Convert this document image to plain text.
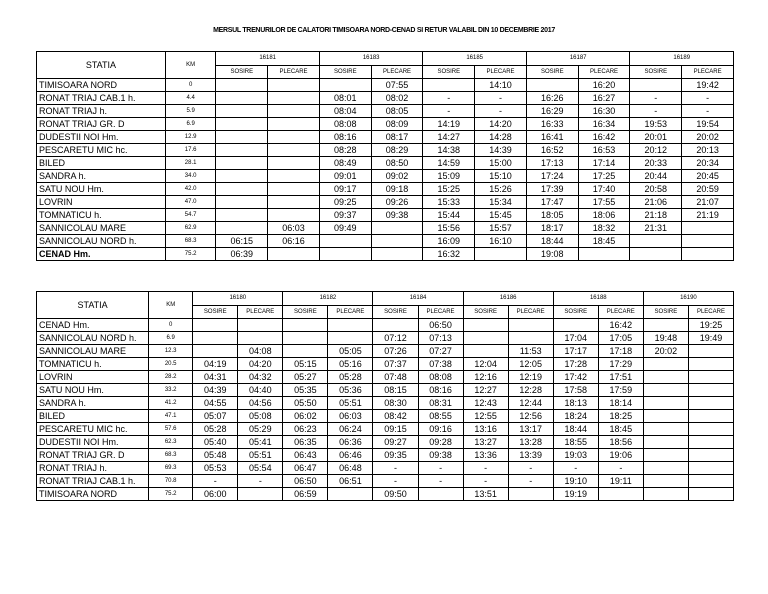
MERSUL TRENURILOR DE CALATORI TIMISOARA NORD-CENAD SI RETUR VALABIL DIN 10 DECEMBRIE 2017
STATIA	KM	16181		16183		16185		16187		16189	
		SOSIRE	PLECARE	SOSIRE	PLECARE	SOSIRE	PLECARE	SOSIRE	PLECARE	SOSIRE	PLECARE
TIMISOARA NORD	0				07:55		14:10		16:20		19:42
RONAT TRIAJ CAB.1 h.	4.4			08:01	08:02	-	-	16:26	16:27	-	-
RONAT TRIAJ h.	5.9			08:04	08:05	-	-	16:29	16:30	-	-
RONAT TRIAJ GR. D	6.9			08:08	08:09	14:19	14:20	16:33	16:34	19:53	19:54
DUDESTII NOI Hm.	12.9			08:16	08:17	14:27	14:28	16:41	16:42	20:01	20:02
PESCARETU MIC hc.	17.6			08:28	08:29	14:38	14:39	16:52	16:53	20:12	20:13
BILED	28.1			08:49	08:50	14:59	15:00	17:13	17:14	20:33	20:34
SANDRA h.	34.0			09:01	09:02	15:09	15:10	17:24	17:25	20:44	20:45
SATU NOU Hm.	42.0			09:17	09:18	15:25	15:26	17:39	17:40	20:58	20:59
LOVRIN	47.0			09:25	09:26	15:33	15:34	17:47	17:55	21:06	21:07
TOMNATICU h.	54.7			09:37	09:38	15:44	15:45	18:05	18:06	21:18	21:19
SANNICOLAU MARE	62.9		06:03	09:49		15:56	15:57	18:17	18:32	21:31	
SANNICOLAU NORD h.	68.3	06:15	06:16			16:09	16:10	18:44	18:45		
CENAD Hm.	75.2	06:39				16:32		19:08			
STATIA	KM	16180		16182		16184		16186		16188		16190	
		SOSIRE	PLECARE	SOSIRE	PLECARE	SOSIRE	PLECARE	SOSIRE	PLECARE	SOSIRE	PLECARE	SOSIRE	PLECARE
CENAD Hm.	0						06:50				16:42		19:25
SANNICOLAU NORD h.	6.9					07:12	07:13			17:04	17:05	19:48	19:49
SANNICOLAU MARE	12.3		04:08		05:05	07:26	07:27		11:53	17:17	17:18	20:02	
TOMNATICU h.	20.5	04:19	04:20	05:15	05:16	07:37	07:38	12:04	12:05	17:28	17:29		
LOVRIN	28.2	04:31	04:32	05:27	05:28	07:48	08:08	12:16	12:19	17:42	17:51		
SATU NOU Hm.	33.2	04:39	04:40	05:35	05:36	08:15	08:16	12:27	12:28	17:58	17:59		
SANDRA h.	41.2	04:55	04:56	05:50	05:51	08:30	08:31	12:43	12:44	18:13	18:14		
BILED	47.1	05:07	05:08	06:02	06:03	08:42	08:55	12:55	12:56	18:24	18:25		
PESCARETU MIC hc.	57.6	05:28	05:29	06:23	06:24	09:15	09:16	13:16	13:17	18:44	18:45		
DUDESTII NOI Hm.	62.3	05:40	05:41	06:35	06:36	09:27	09:28	13:27	13:28	18:55	18:56		
RONAT TRIAJ GR. D	68.3	05:48	05:51	06:43	06:46	09:35	09:38	13:36	13:39	19:03	19:06		
RONAT TRIAJ h.	69.3	05:53	05:54	06:47	06:48	-	-	-	-	-	-		
RONAT TRIAJ CAB.1 h.	70.8	-	-	06:50	06:51	-	-	-	-	19:10	19:11		
TIMISOARA NORD	75.2	06:00		06:59		09:50		13:51		19:19			
